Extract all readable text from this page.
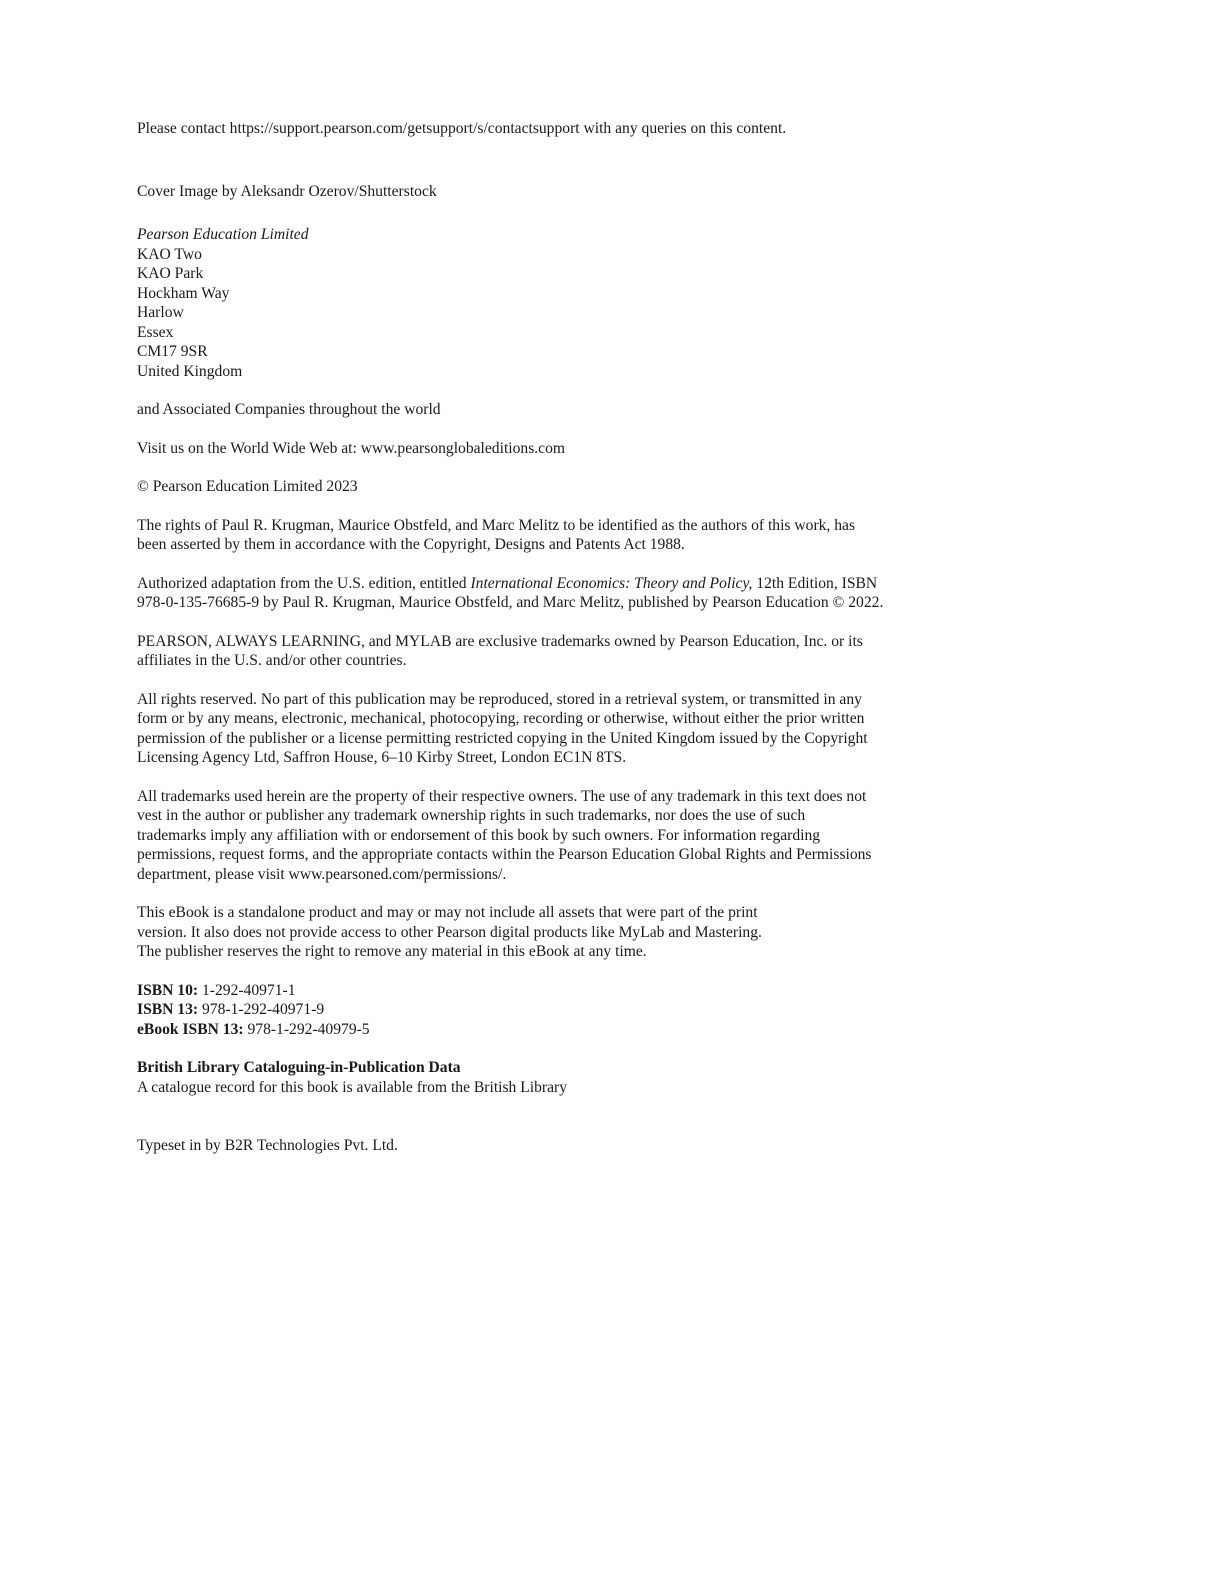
Please contact https://support.pearson.com/getsupport/s/contactsupport with any queries on this content.

Cover Image by Aleksandr Ozerov/Shutterstock

Pearson Education Limited
KAO Two
KAO Park
Hockham Way
Harlow
Essex
CM17 9SR
United Kingdom

and Associated Companies throughout the world

Visit us on the World Wide Web at: www.pearsonglobaleditions.com

© Pearson Education Limited 2023

The rights of Paul R. Krugman, Maurice Obstfeld, and Marc Melitz to be identified as the authors of this work, has
been asserted by them in accordance with the Copyright, Designs and Patents Act 1988.

Authorized adaptation from the U.S. edition, entitled International Economics: Theory and Policy, 12th Edition, ISBN
978-0-135-76685-9 by Paul R. Krugman, Maurice Obstfeld, and Marc Melitz, published by Pearson Education © 2022.

PEARSON, ALWAYS LEARNING, and MYLAB are exclusive trademarks owned by Pearson Education, Inc. or its
affiliates in the U.S. and/or other countries.

All rights reserved. No part of this publication may be reproduced, stored in a retrieval system, or transmitted in any
form or by any means, electronic, mechanical, photocopying, recording or otherwise, without either the prior written
permission of the publisher or a license permitting restricted copying in the United Kingdom issued by the Copyright
Licensing Agency Ltd, Saffron House, 6–10 Kirby Street, London EC1N 8TS.

All trademarks used herein are the property of their respective owners. The use of any trademark in this text does not
vest in the author or publisher any trademark ownership rights in such trademarks, nor does the use of such
trademarks imply any affiliation with or endorsement of this book by such owners. For information regarding
permissions, request forms, and the appropriate contacts within the Pearson Education Global Rights and Permissions
department, please visit www.pearsoned.com/permissions/.

This eBook is a standalone product and may or may not include all assets that were part of the print
version. It also does not provide access to other Pearson digital products like MyLab and Mastering.
The publisher reserves the right to remove any material in this eBook at any time.

ISBN 10: 1-292-40971-1
ISBN 13: 978-1-292-40971-9
eBook ISBN 13: 978-1-292-40979-5
British Library Cataloguing-in-Publication Data
A catalogue record for this book is available from the British Library

Typeset in by B2R Technologies Pvt. Ltd.
